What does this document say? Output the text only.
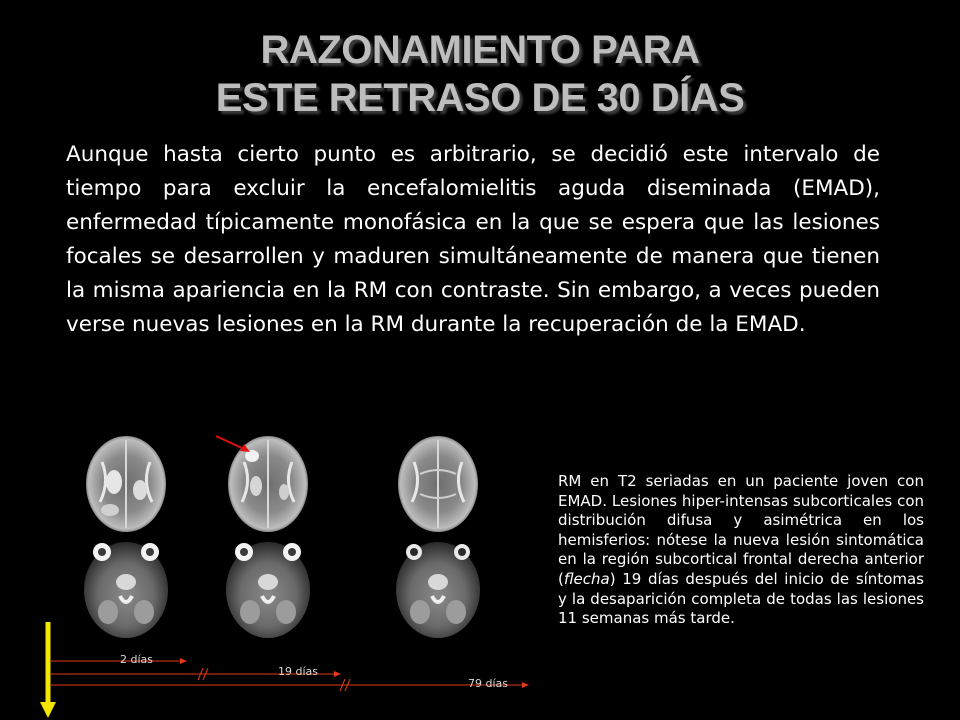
RAZONAMIENTO PARA
ESTE RETRASO DE 30 DÍAS
Aunque hasta cierto punto es arbitrario, se decidió este intervalo de tiempo para excluir la encefalomielitis aguda diseminada (EMAD), enfermedad típicamente monofásica en la que se espera que las lesiones focales se desarrollen y maduren simultáneamente de manera que tienen la misma apariencia en la RM con contraste. Sin embargo, a veces pueden verse nuevas lesiones en la RM durante la recuperación de la EMAD.
RM en T2 seriadas en un paciente joven con EMAD. Lesiones hiper-intensas subcorticales con distribución difusa y asimétrica en los hemisferios: nótese la nueva lesión sintomática en la región subcortical frontal derecha anterior (flecha) 19 días después del inicio de síntomas y la desaparición completa de todas las lesiones 11 semanas más tarde.
2 días
19 días
79 días
